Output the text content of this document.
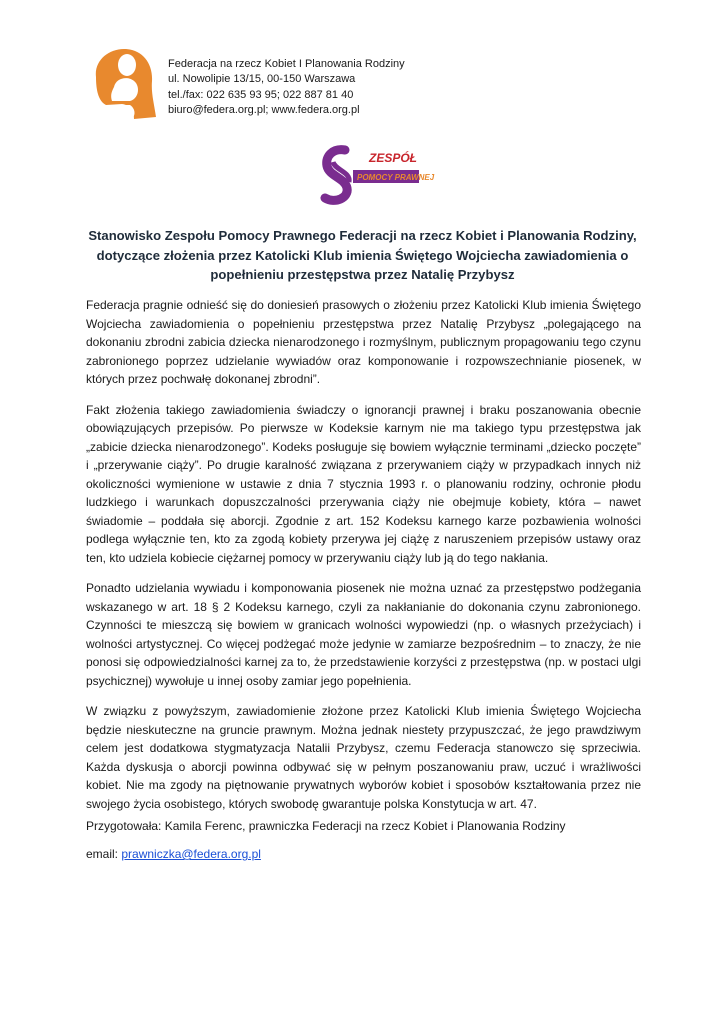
Federacja na rzecz Kobiet I Planowania Rodziny
ul. Nowolipie 13/15, 00-150 Warszawa
tel./fax: 022 635 93 95; 022 887 81 40
biuro@federa.org.pl; www.federa.org.pl
ZESPÓŁ
POMOCY PRAWNEJ
Stanowisko Zespołu Pomocy Prawnego Federacji na rzecz Kobiet i Planowania Rodziny, dotyczące złożenia przez Katolicki Klub imienia Świętego Wojciecha zawiadomienia o popełnieniu przestępstwa przez Natalię Przybysz

Federacja pragnie odnieść się do doniesień prasowych o złożeniu przez Katolicki Klub imienia Świętego Wojciecha zawiadomienia o popełnieniu przestępstwa przez Natalię Przybysz „polegającego na dokonaniu zbrodni zabicia dziecka nienarodzonego i rozmyślnym, publicznym propagowaniu tego czynu zabronionego poprzez udzielanie wywiadów oraz komponowanie i rozpowszechnianie piosenek, w których przez pochwałę dokonanej zbrodni”.

Fakt złożenia takiego zawiadomienia świadczy o ignorancji prawnej i braku poszanowania obecnie obowiązujących przepisów. Po pierwsze w Kodeksie karnym nie ma takiego typu przestępstwa jak „zabicie dziecka nienarodzonego”. Kodeks posługuje się bowiem wyłącznie terminami „dziecko poczęte” i „przerywanie ciąży”. Po drugie karalność związana z przerywaniem ciąży w przypadkach innych niż okoliczności wymienione w ustawie z dnia 7 stycznia 1993 r. o planowaniu rodziny, ochronie płodu ludzkiego i warunkach dopuszczalności przerywania ciąży nie obejmuje kobiety, która – nawet świadomie – poddała się aborcji. Zgodnie z art. 152 Kodeksu karnego karze pozbawienia wolności podlega wyłącznie ten, kto za zgodą kobiety przerywa jej ciążę z naruszeniem przepisów ustawy oraz ten, kto udziela kobiecie ciężarnej pomocy w przerywaniu ciąży lub ją do tego nakłania.

Ponadto udzielania wywiadu i komponowania piosenek nie można uznać za przestępstwo podżegania wskazanego w art. 18 § 2 Kodeksu karnego, czyli za nakłanianie do dokonania czynu zabronionego. Czynności te mieszczą się bowiem w granicach wolności wypowiedzi (np. o własnych przeżyciach) i wolności artystycznej. Co więcej podżegać może jedynie w zamiarze bezpośrednim – to znaczy, że nie ponosi się odpowiedzialności karnej za to, że przedstawienie korzyści z przestępstwa (np. w postaci ulgi psychicznej) wywołuje u innej osoby zamiar jego popełnienia.

W związku z powyższym, zawiadomienie złożone przez Katolicki Klub imienia Świętego Wojciecha będzie nieskuteczne na gruncie prawnym. Można jednak niestety przypuszczać, że jego prawdziwym celem jest dodatkowa stygmatyzacja Natalii Przybysz, czemu Federacja stanowczo się sprzeciwia. Każda dyskusja o aborcji powinna odbywać się w pełnym poszanowaniu praw, uczuć i wrażliwości kobiet. Nie ma zgody na piętnowanie prywatnych wyborów kobiet i sposobów kształtowania przez nie swojego życia osobistego, których swobodę gwarantuje polska Konstytucja w art. 47.

Przygotowała: Kamila Ferenc, prawniczka Federacji na rzecz Kobiet i Planowania Rodziny
email: prawniczka@federa.org.pl
